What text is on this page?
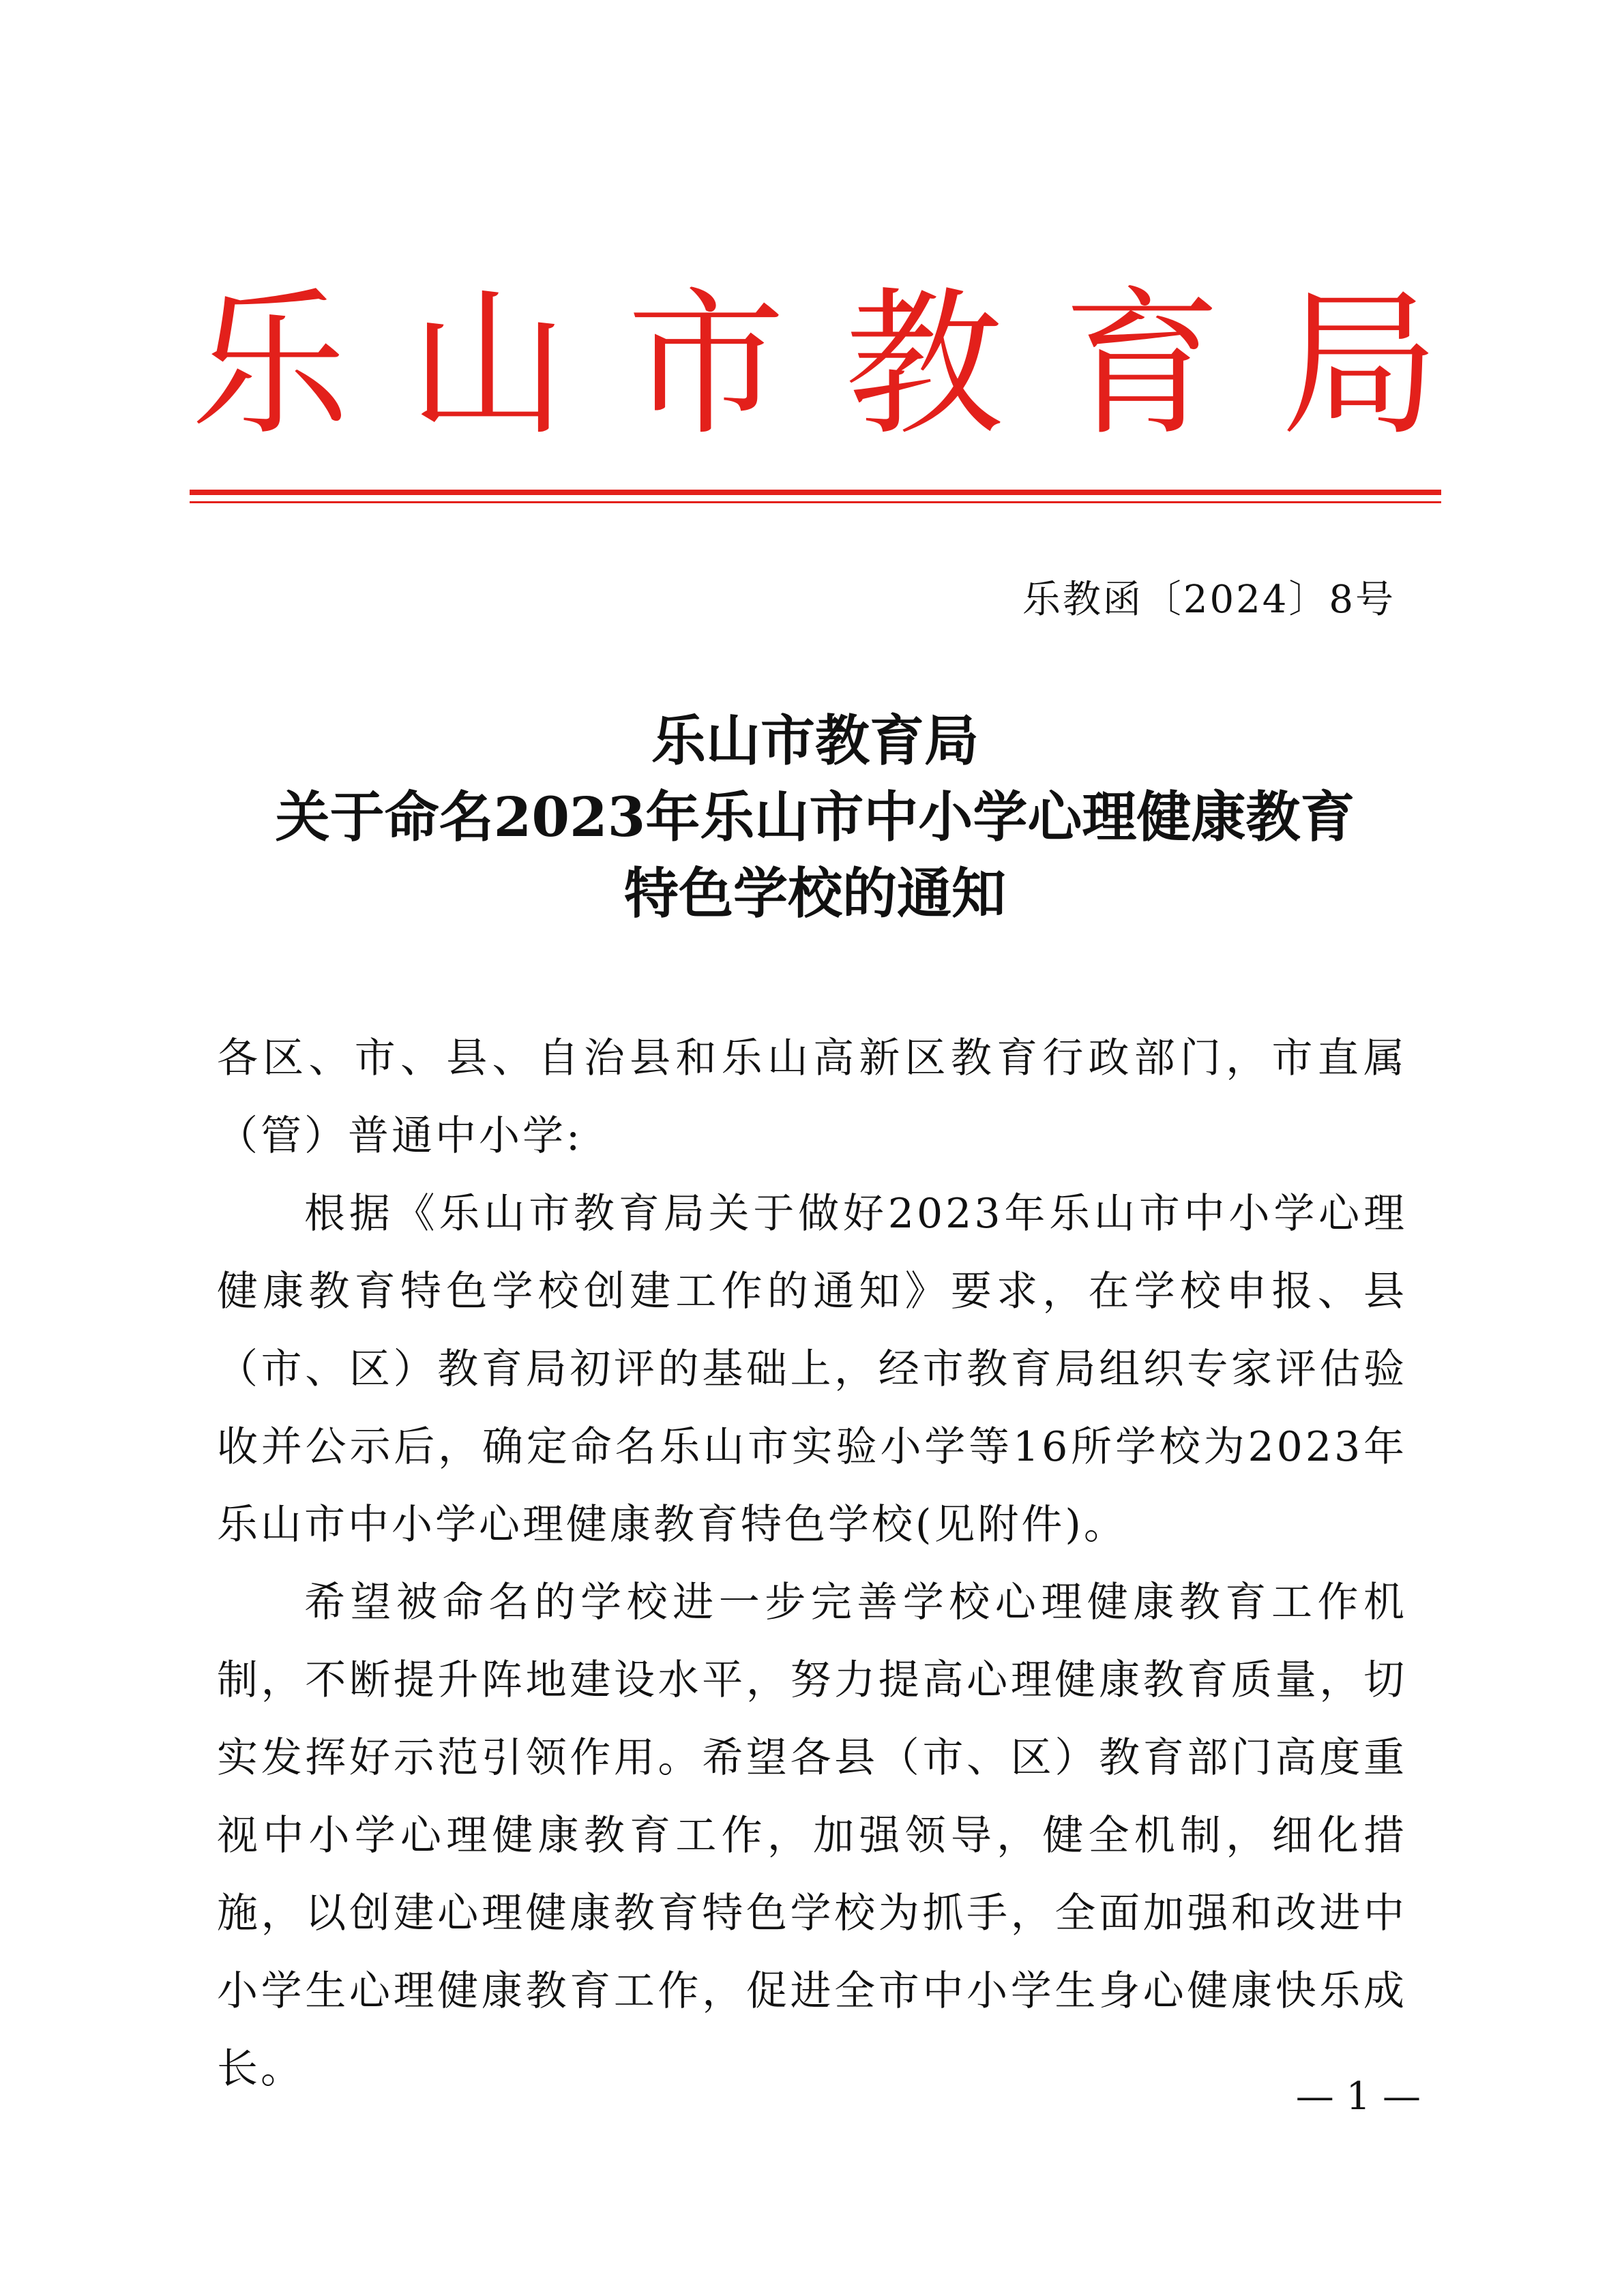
乐 山 市 教 育 局
乐教函〔2024〕8号
乐山市教育局
关于命名2023年乐山市中小学心理健康教育
特色学校的通知

各区、市、县、自治县和乐山高新区教育行政部门，市直属（管）普通中小学:

根据《乐山市教育局关于做好2023年乐山市中小学心理健康教育特色学校创建工作的通知》要求，在学校申报、县（市、区）教育局初评的基础上，经市教育局组织专家评估验收并公示后，确定命名乐山市实验小学等16所学校为2023年乐山市中小学心理健康教育特色学校(见附件)。

希望被命名的学校进一步完善学校心理健康教育工作机制，不断提升阵地建设水平，努力提高心理健康教育质量，切实发挥好示范引领作用。希望各县（市、区）教育部门高度重视中小学心理健康教育工作，加强领导，健全机制，细化措施，以创建心理健康教育特色学校为抓手，全面加强和改进中小学生心理健康教育工作，促进全市中小学生身心健康快乐成长。

— 1 —
